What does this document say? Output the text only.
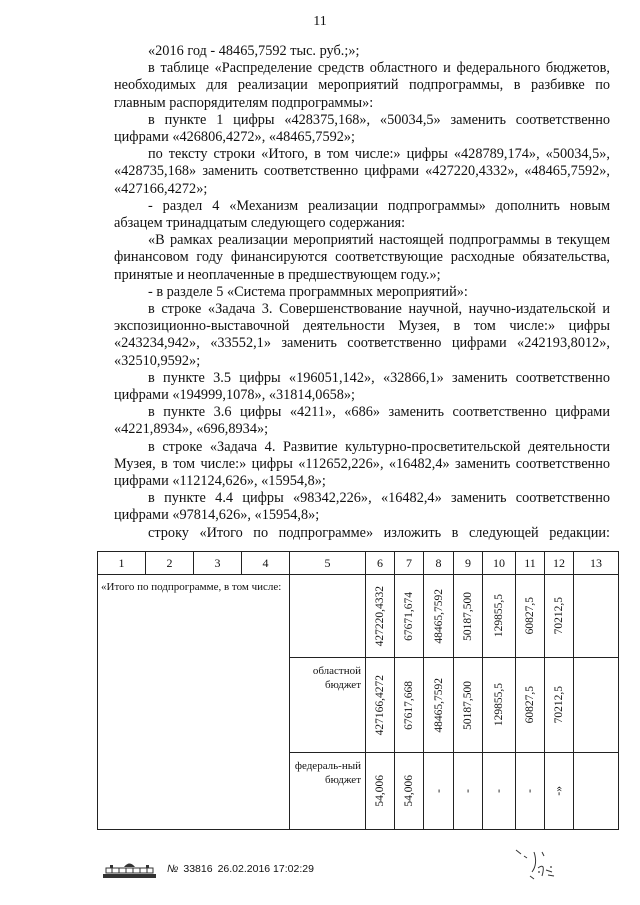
11

«2016 год - 48465,7592 тыс. руб.;»;

в таблице «Распределение средств областного и федерального бюджетов, необходимых для реализации мероприятий подпрограммы, в разбивке по главным распорядителям подпрограммы»:

в пункте 1 цифры «428375,168», «50034,5» заменить соответственно цифрами «426806,4272», «48465,7592»;

по тексту строки «Итого, в том числе:» цифры «428789,174», «50034,5», «428735,168» заменить соответственно цифрами «427220,4332», «48465,7592», «427166,4272»;

- раздел 4 «Механизм реализации подпрограммы» дополнить новым абзацем тринадцатым следующего содержания:

«В рамках реализации мероприятий настоящей подпрограммы в текущем финансовом году финансируются соответствующие расходные обязательства, принятые и неоплаченные в предшествующем году.»;

- в разделе 5 «Система программных мероприятий»:

в строке «Задача 3. Совершенствование научной, научно-издательской и экспозиционно-выставочной деятельности Музея, в том числе:» цифры «243234,942», «33552,1» заменить соответственно цифрами «242193,8012», «32510,9592»;

в пункте 3.5 цифры «196051,142», «32866,1» заменить соответственно цифрами «194999,1078», «31814,0658»;

в пункте 3.6 цифры «4211», «686» заменить соответственно цифрами «4221,8934», «696,8934»;

в строке «Задача 4. Развитие культурно-просветительской деятельности Музея, в том числе:» цифры «112652,226», «16482,4» заменить соответственно цифрами «112124,626», «15954,8»;

в пункте 4.4 цифры «98342,226», «16482,4» заменить соответственно цифрами «97814,626», «15954,8»;

строку «Итого по подпрограмме» изложить в следующей редакции:

1	2	3	4	5	6	7	8	9	10	11	12	13

«Итого по подпрограмме, в том числе:					427220,4332	67671,674	48465,7592	50187,500	129855,5	60827,5	70212,5	

				областной бюджет	427166,4272	67617,668	48465,7592	50187,500	129855,5	60827,5	70212,5	

				федераль-ный бюджет	54,006	54,006	-	-	-	-	-»	

№ 33816 26.02.2016 17:02:29
